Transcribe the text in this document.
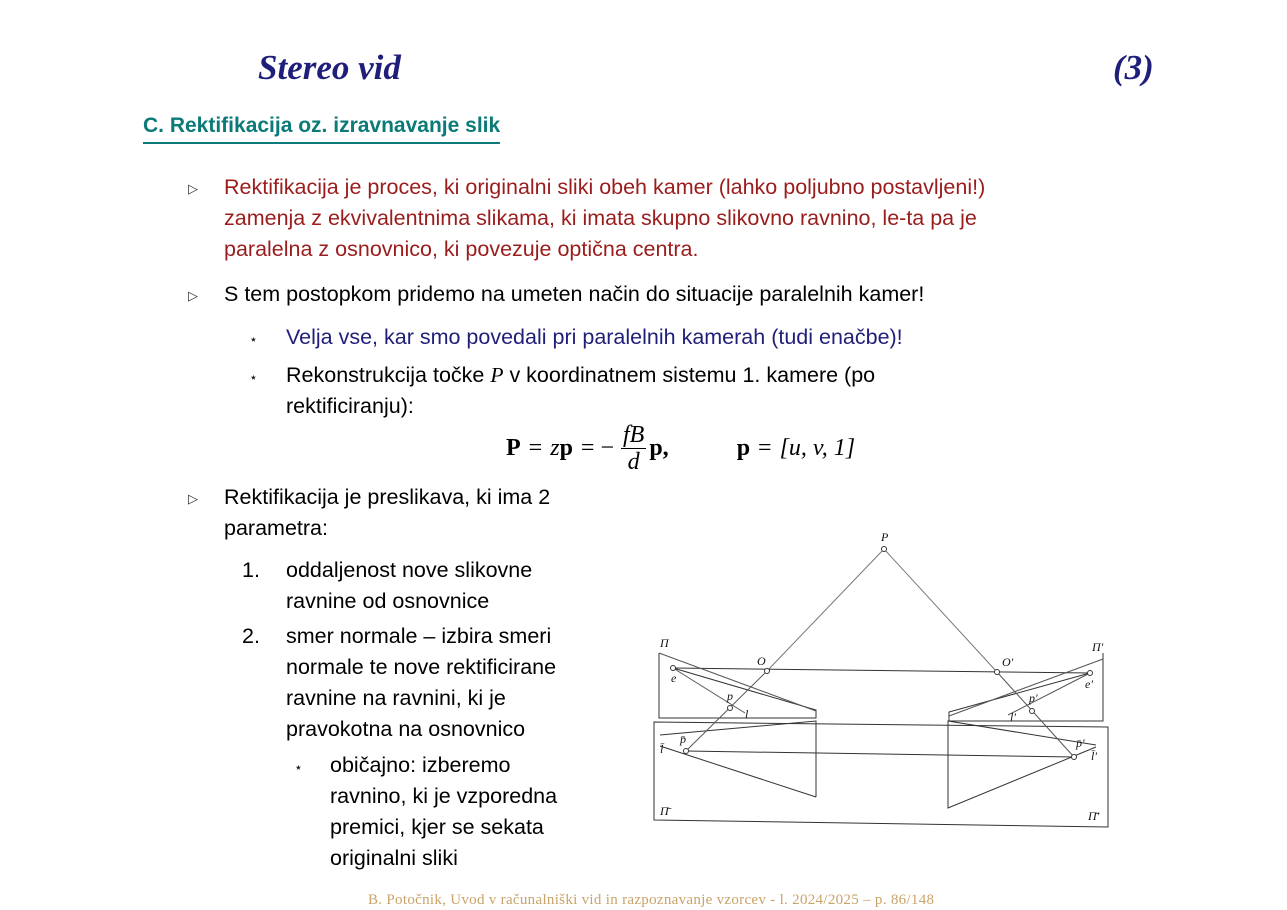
Stereo vid	(3)
C. Rektifikacija oz. izravnavanje slik
▷ Rektifikacija je proces, ki originalni sliki obeh kamer (lahko poljubno postavljeni!)
zamenja z ekvivalentnima slikama, ki imata skupno slikovno ravnino, le-ta pa je
paralelna z osnovnico, ki povezuje optična centra.
▷ S tem postopkom pridemo na umeten način do situacije paralelnih kamer!
⋆ Velja vse, kar smo povedali pri paralelnih kamerah (tudi enačbe)!
⋆ Rekonstrukcija točke P v koordinatnem sistemu 1. kamere (po
rektificiranju):
P = z p = − $\frac{fB}{d} p$,	p = [u, v, 1]
▷ Rektifikacija je preslikava, ki ima 2
parametra:
1. oddaljenost nove slikovne
ravnine od osnovnice
2. smer normale – izbira smeri
normale te nove rektificirane
ravnine na ravnini, ki je
pravokotna na osnovnico
⋆ običajno: izberemo
ravnino, ki je vzporedna
premici, kjer se sekata
originalni sliki
P
Π	Π'
O	O'
e	e'
p	p'
l	l'
l̄	l̄'
p̄	p̄'
Π̄	Π̄'
B. Potočnik, Uvod v računalniški vid in razpoznavanje vzorcev - l. 2024/2025 – p. 86/148
